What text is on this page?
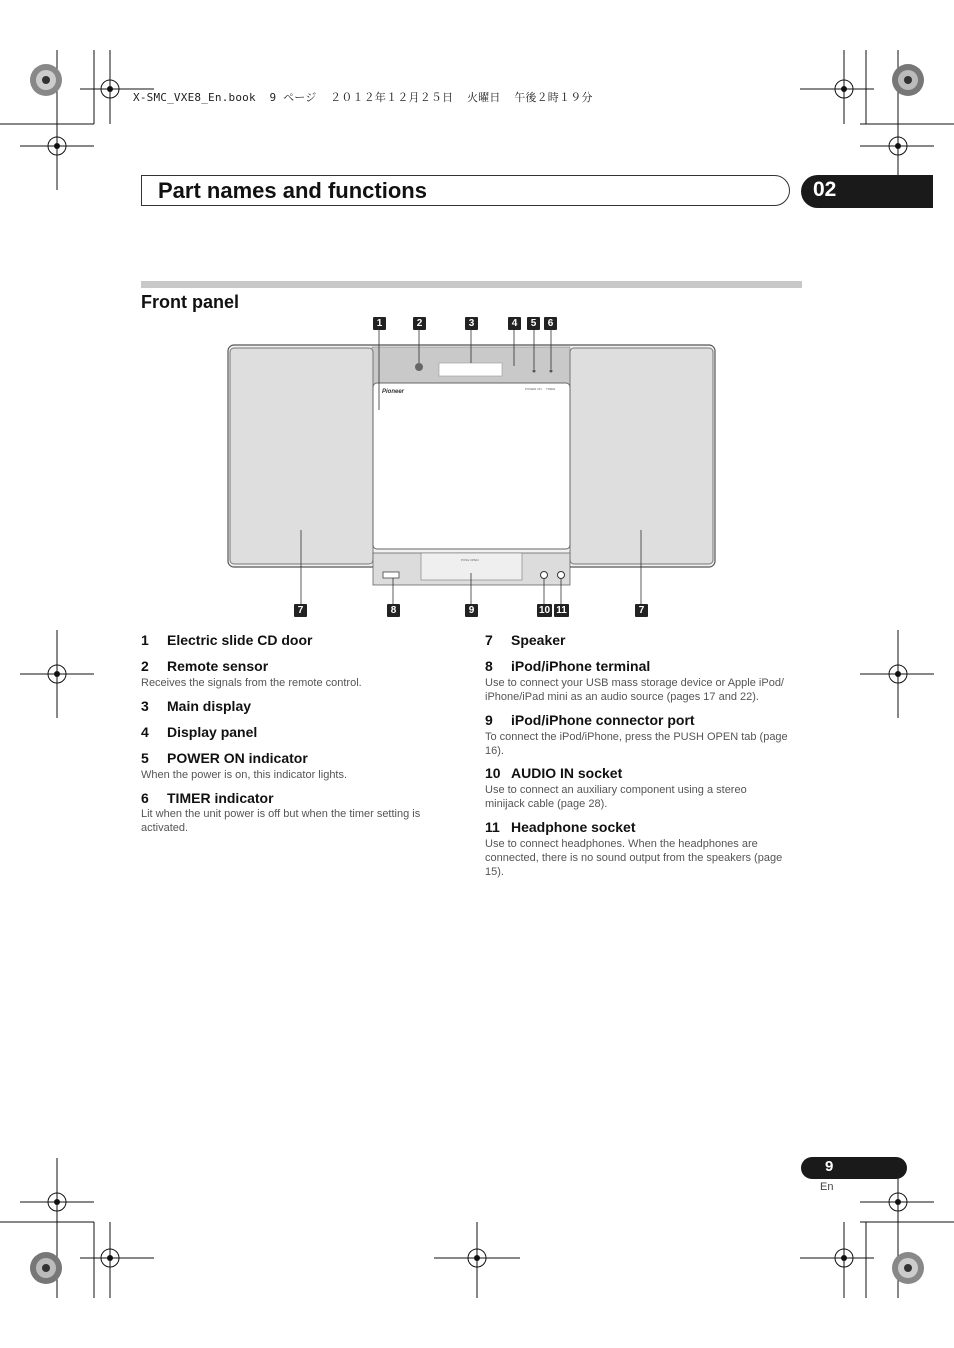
X-SMC_VXE8_En.book  9 ページ  ２０１２年１２月２５日  火曜日  午後２時１９分
Part names and functions	02
Front panel
Pioneer	POWER ON TIMER
PUSH OPEN
1	2	3	4	5	6
7	8	9	10 11	7
1 Electric slide CD door
2 Remote sensor
Receives the signals from the remote control.
3 Main display
4 Display panel
5 POWER ON indicator
When the power is on, this indicator lights.
6 TIMER indicator
Lit when the unit power is off but when the timer setting is activated.
7 Speaker
8 iPod/iPhone terminal
Use to connect your USB mass storage device or Apple iPod/ iPhone/iPad mini as an audio source (pages 17 and 22).
9 iPod/iPhone connector port
To connect the iPod/iPhone, press the PUSH OPEN tab (page 16).
10 AUDIO IN socket
Use to connect an auxiliary component using a stereo minijack cable (page 28).
11 Headphone socket
Use to connect headphones. When the headphones are connected, there is no sound output from the speakers (page 15).
9
En
